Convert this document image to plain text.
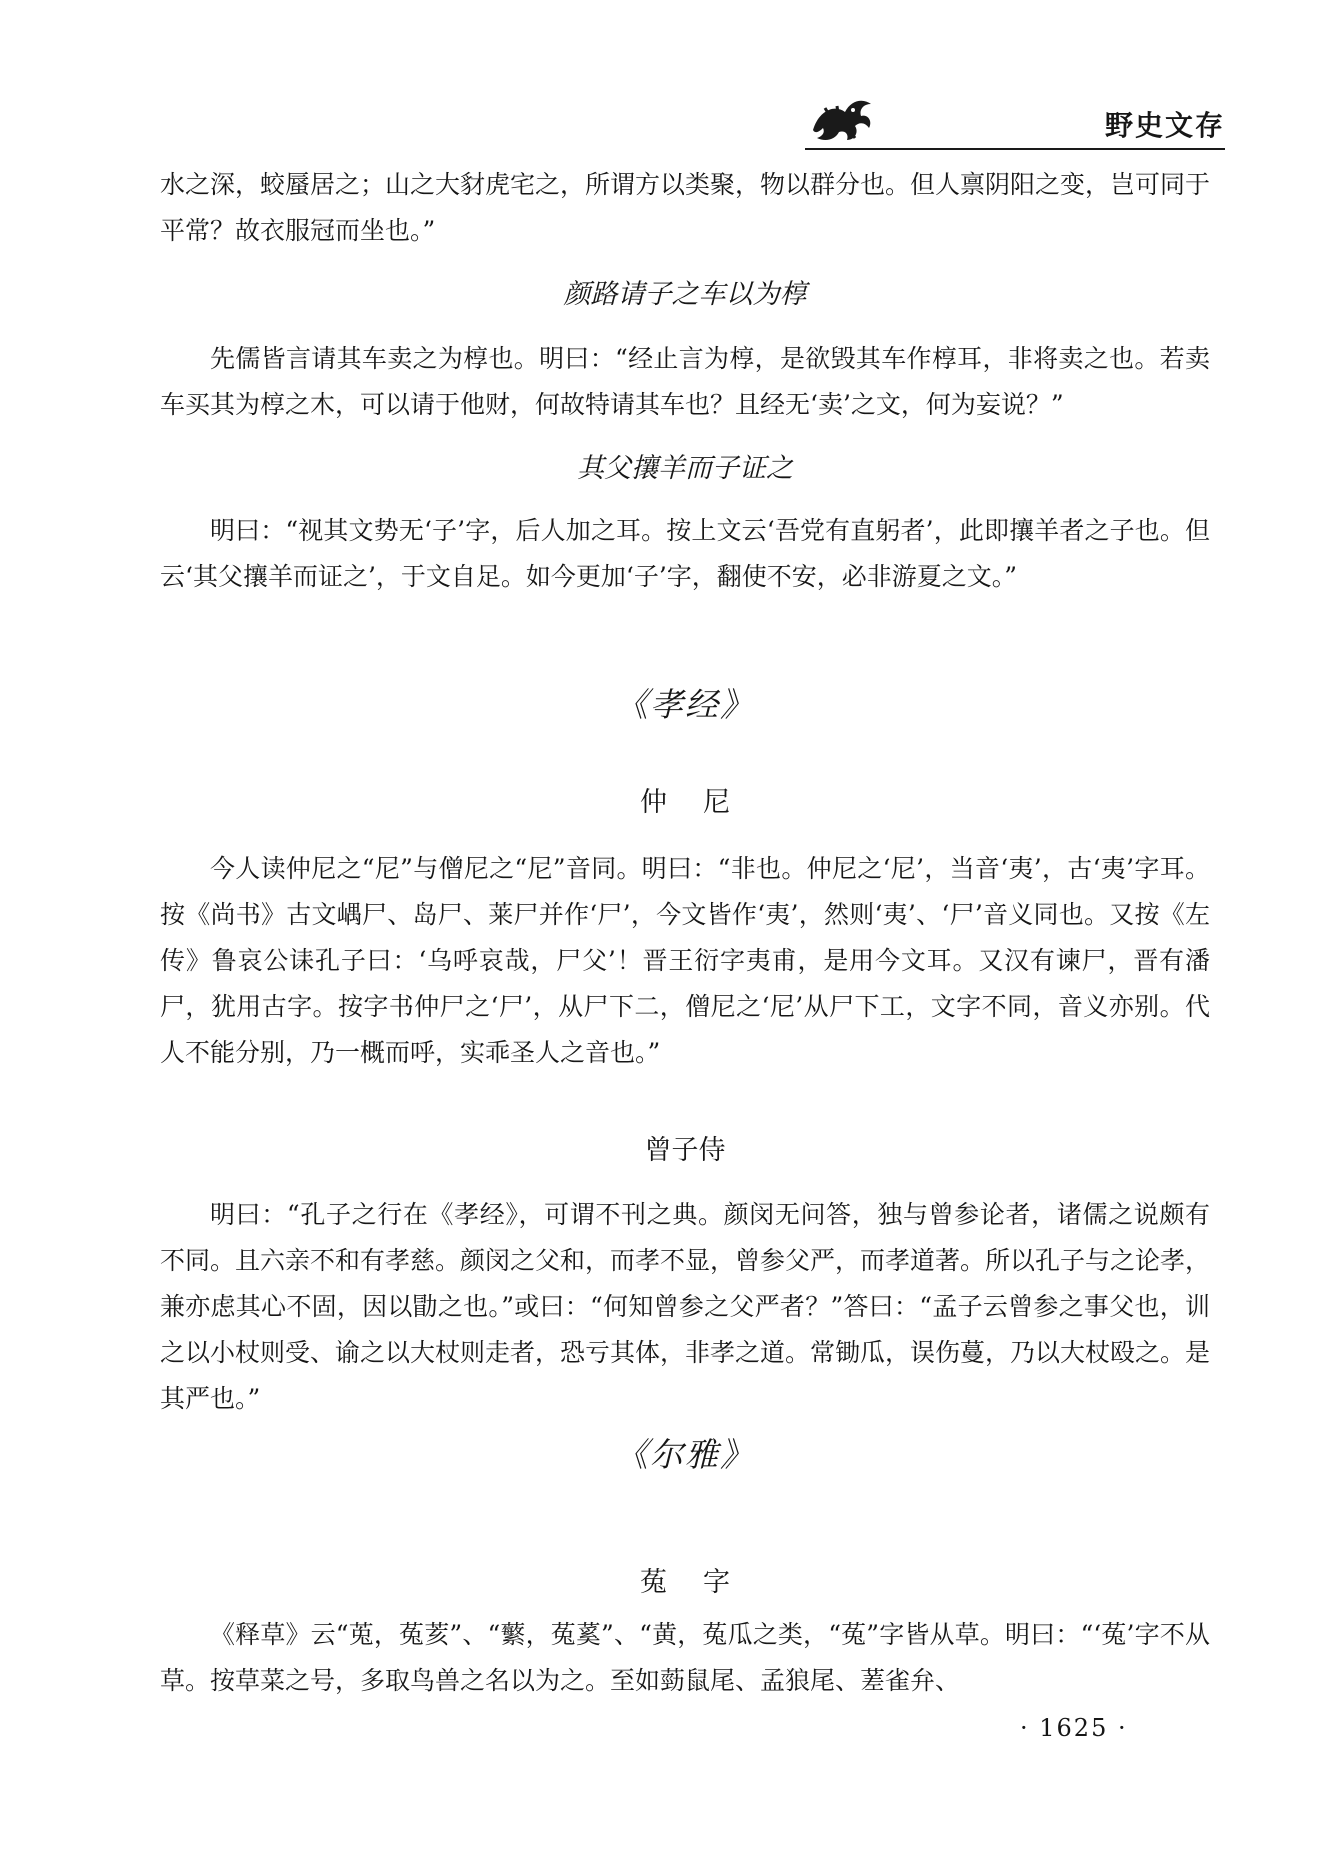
野史文存

水之深，蛟蜃居之；山之大豺虎宅之，所谓方以类聚，物以群分也。但人禀阴阳之变，岂可同于平常？故衣服冠而坐也。”

颜路请子之车以为椁

先儒皆言请其车卖之为椁也。明曰：“经止言为椁，是欲毁其车作椁耳，非将卖之也。若卖车买其为椁之木，可以请于他财，何故特请其车也？且经无‘卖’之文，何为妄说？”

其父攘羊而子证之

明曰：“视其文势无‘子’字，后人加之耳。按上文云‘吾党有直躬者’，此即攘羊者之子也。但云‘其父攘羊而证之’，于文自足。如今更加‘子’字，翻使不安，必非游夏之文。”

《孝经》

仲尼

今人读仲尼之“尼”与僧尼之“尼”音同。明曰：“非也。仲尼之‘尼’，当音‘夷’，古‘夷’字耳。按《尚书》古文嵎尸、岛尸、莱尸并作‘尸’，今文皆作‘夷’，然则‘夷’、‘尸’音义同也。又按《左传》鲁哀公诔孔子曰：‘乌呼哀哉，尸父’！晋王衍字夷甫，是用今文耳。又汉有谏尸，晋有潘尸，犹用古字。按字书仲尸之‘尸’，从尸下二，僧尼之‘尼’从尸下工，文字不同，音义亦别。代人不能分别，乃一概而呼，实乖圣人之音也。”

曾子侍

明曰：“孔子之行在《孝经》，可谓不刊之典。颜闵无问答，独与曾参论者，诸儒之说颇有不同。且六亲不和有孝慈。颜闵之父和，而孝不显，曾参父严，而孝道著。所以孔子与之论孝，兼亦虑其心不固，因以勖之也。”或曰：“何知曾参之父严者？”答曰：“孟子云曾参之事父也，训之以小杖则受、谕之以大杖则走者，恐亏其体，非孝之道。常锄瓜，误伤蔓，乃以大杖殴之。是其严也。”

《尔雅》

菟字

《释草》云“莵，菟荄”、“蘩，菟蒵”、“黄，菟瓜之类，“菟”字皆从草。明曰：“‘菟’字不从草。按草菜之号，多取鸟兽之名以为之。至如葝鼠尾、孟狼尾、蒫雀弁、

· 1625 ·
